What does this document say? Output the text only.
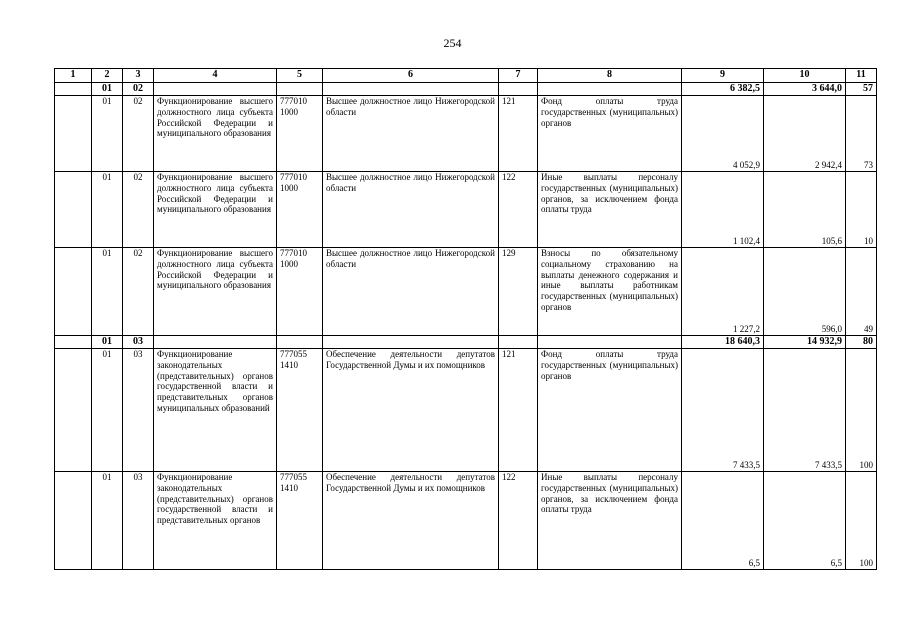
254
1	2	3	4	5	6	7	8	9	10	11
	01	02						6 382,5	3 644,0	57
	01	02	Функционирование высшего должностного лица субъекта Российской Федерации и муниципального образования	777010 1000	Высшее должностное лицо Нижегородской области	121	Фонд оплаты труда государственных (муниципальных) органов	4 052,9	2 942,4	73
	01	02	Функционирование высшего должностного лица субъекта Российской Федерации и муниципального образования	777010 1000	Высшее должностное лицо Нижегородской области	122	Иные выплаты персоналу государственных (муниципальных) органов, за исключением фонда оплаты труда	1 102,4	105,6	10
	01	02	Функционирование высшего должностного лица субъекта Российской Федерации и муниципального образования	777010 1000	Высшее должностное лицо Нижегородской области	129	Взносы по обязательному социальному страхованию на выплаты денежного содержания и иные выплаты работникам государственных (муниципальных) органов	1 227,2	596,0	49
	01	03						18 640,3	14 932,9	80
	01	03	Функционирование законодательных (представительных) органов государственной власти и представительных органов муниципальных образований	777055 1410	Обеспечение деятельности депутатов Государственной Думы и их помощников	121	Фонд оплаты труда государственных (муниципальных) органов	7 433,5	7 433,5	100
	01	03	Функционирование законодательных (представительных) органов государственной власти и представительных органов	777055 1410	Обеспечение деятельности депутатов Государственной Думы и их помощников	122	Иные выплаты персоналу государственных (муниципальных) органов, за исключением фонда оплаты труда	6,5	6,5	100
